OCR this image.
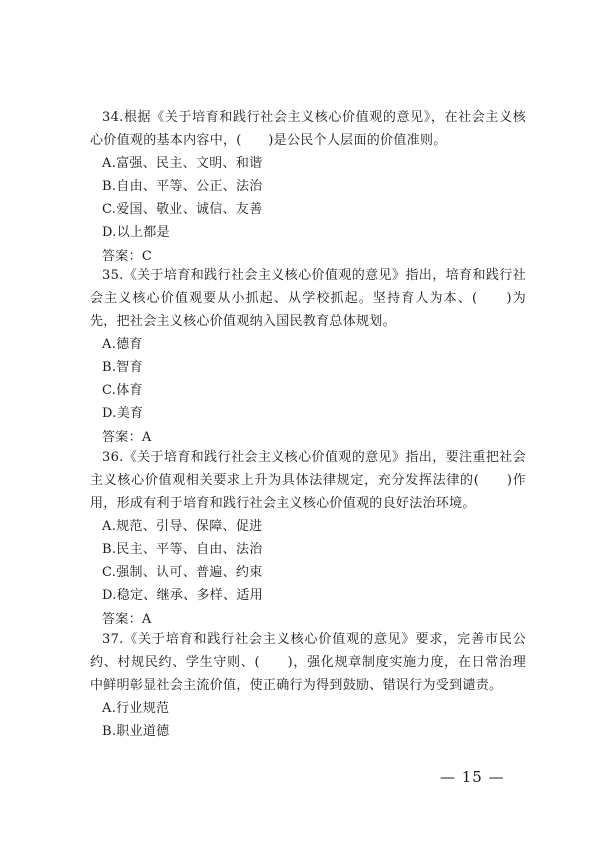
34.根据《关于培育和践行社会主义核心价值观的意见》，在社会主义核心价值观的基本内容中，(　　)是公民个人层面的价值准则。

A.富强、民主、文明、和谐

B.自由、平等、公正、法治

C.爱国、敬业、诚信、友善

D.以上都是

答案：C

35.《关于培育和践行社会主义核心价值观的意见》指出，培育和践行社会主义核心价值观要从小抓起、从学校抓起。坚持育人为本、(　　)为先，把社会主义核心价值观纳入国民教育总体规划。

A.德育

B.智育

C.体育

D.美育

答案：A

36.《关于培育和践行社会主义核心价值观的意见》指出，要注重把社会主义核心价值观相关要求上升为具体法律规定，充分发挥法律的(　　)作用，形成有利于培育和践行社会主义核心价值观的良好法治环境。

A.规范、引导、保障、促进

B.民主、平等、自由、法治

C.强制、认可、普遍、约束

D.稳定、继承、多样、适用

答案：A

37.《关于培育和践行社会主义核心价值观的意见》要求，完善市民公约、村规民约、学生守则、(　　)，强化规章制度实施力度，在日常治理中鲜明彰显社会主流价值，使正确行为得到鼓励、错误行为受到谴责。

A.行业规范

B.职业道德

— 15 —
